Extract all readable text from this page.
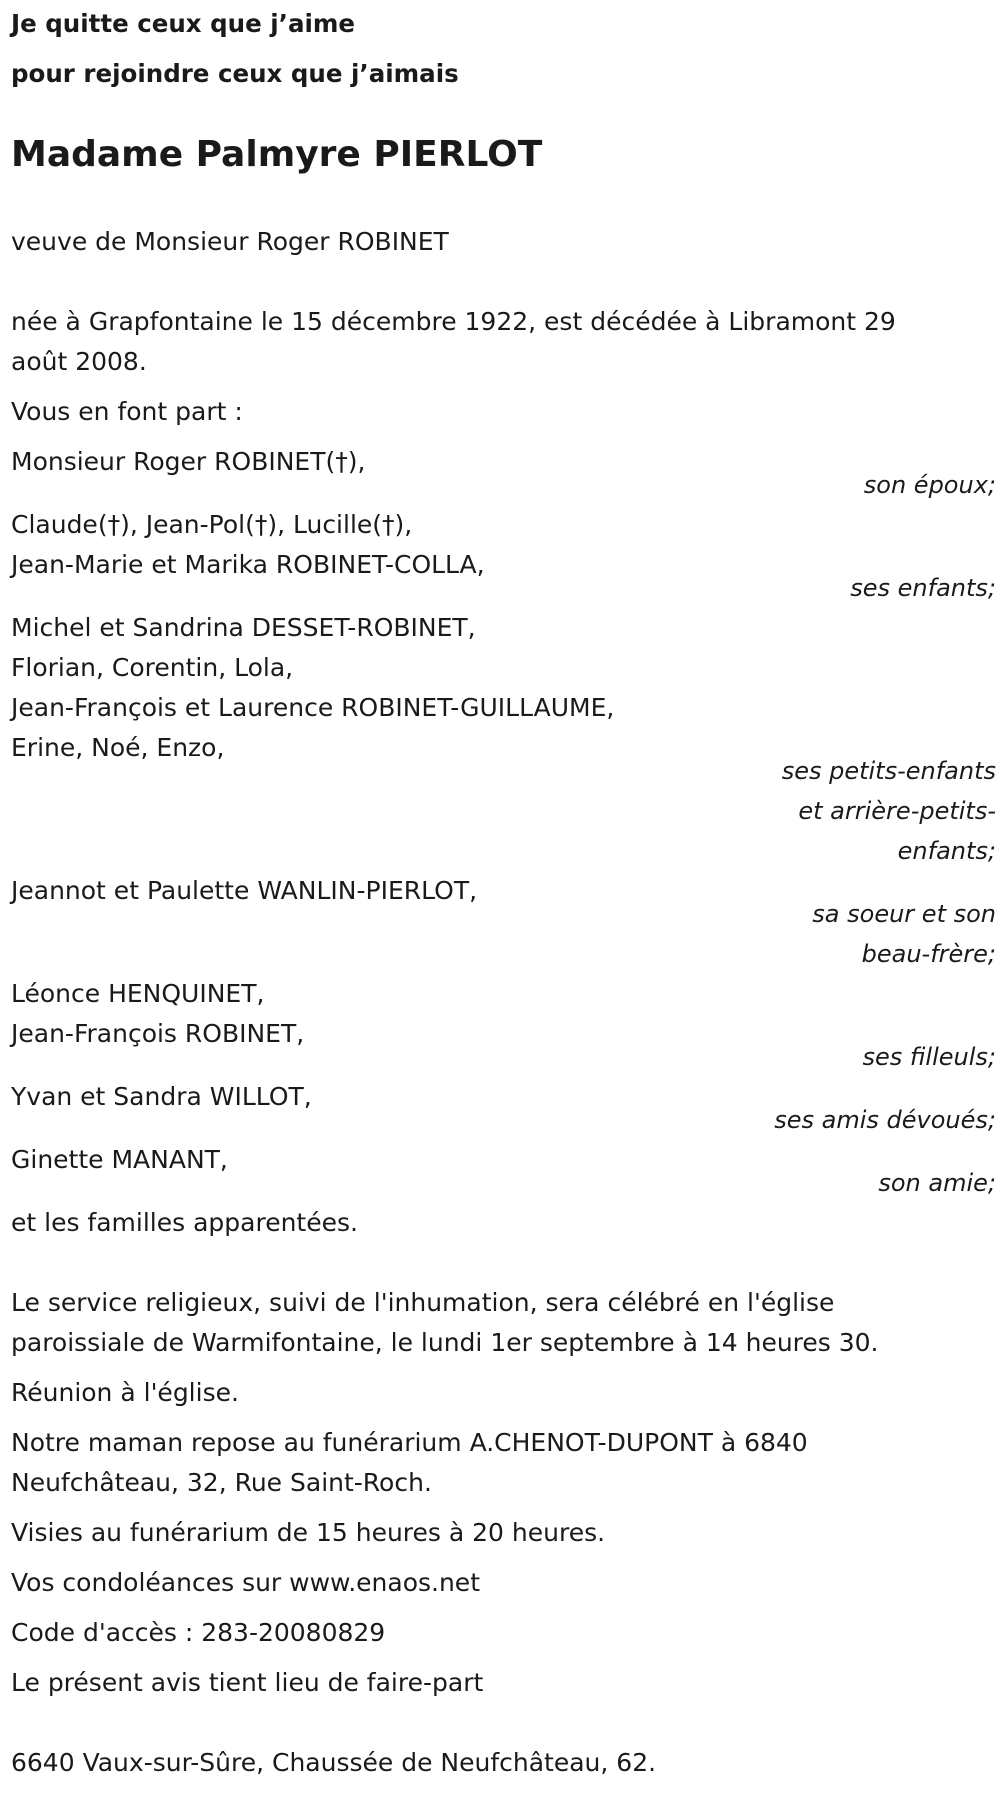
Je quitte ceux que j’aime

pour rejoindre ceux que j’aimais

Madame Palmyre PIERLOT

veuve de Monsieur Roger ROBINET

née à Grapfontaine le 15 décembre 1922, est décédée à Libramont 29

août 2008.

Vous en font part :

Monsieur Roger ROBINET(†),

son époux;

Claude(†), Jean-Pol(†), Lucille(†),

Jean-Marie et Marika ROBINET-COLLA,

ses enfants;

Michel et Sandrina DESSET-ROBINET,

Florian, Corentin, Lola,

Jean-François et Laurence ROBINET-GUILLAUME,

Erine, Noé, Enzo,

ses petits-enfants

et arrière-petits-

enfants;

Jeannot et Paulette WANLIN-PIERLOT,

sa soeur et son

beau-frère;

Léonce HENQUINET,

Jean-François ROBINET,

ses filleuls;

Yvan et Sandra WILLOT,

ses amis dévoués;

Ginette MANANT,

son amie;

et les familles apparentées.

Le service religieux, suivi de l'inhumation, sera célébré en l'église

paroissiale de Warmifontaine, le lundi 1er septembre à 14 heures 30.

Réunion à l'église.

Notre maman repose au funérarium A.CHENOT-DUPONT à 6840

Neufchâteau, 32, Rue Saint-Roch.

Visies au funérarium de 15 heures à 20 heures.

Vos condoléances sur www.enaos.net

Code d'accès : 283-20080829

Le présent avis tient lieu de faire-part

6640 Vaux-sur-Sûre, Chaussée de Neufchâteau, 62.
